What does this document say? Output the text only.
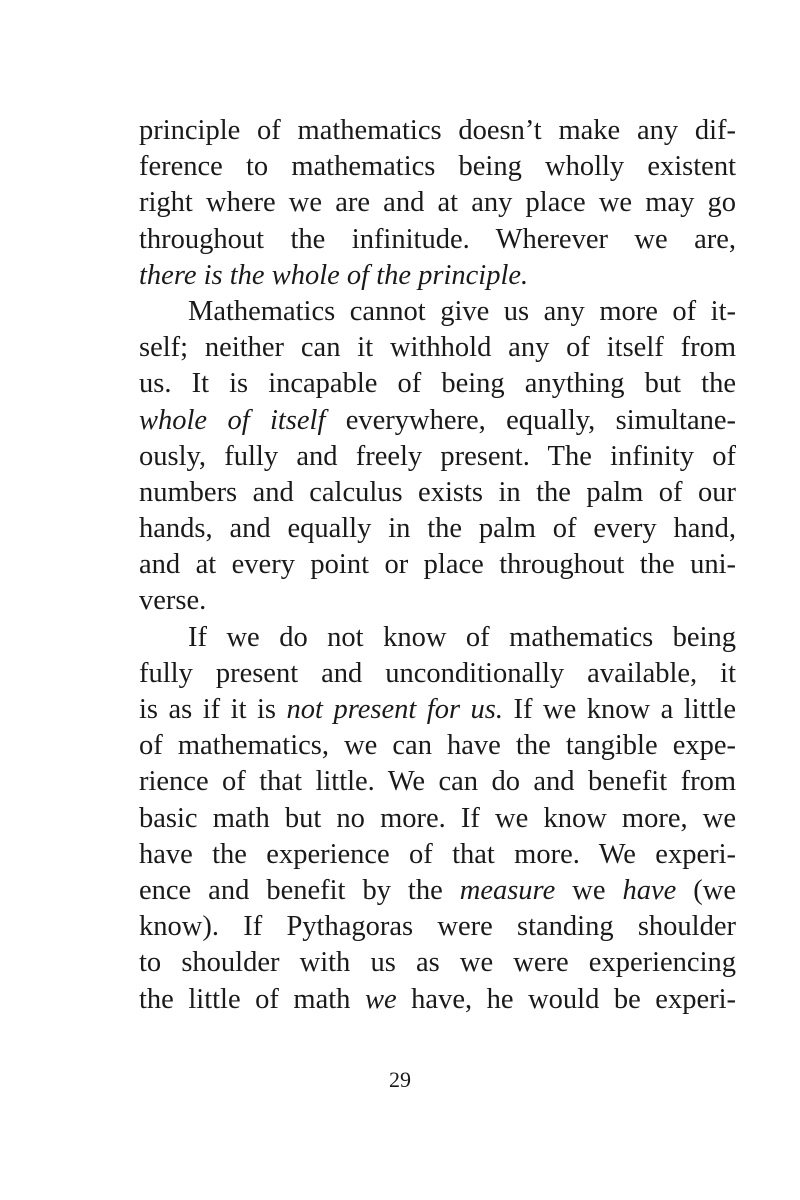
principle of mathematics doesn’t make any dif-
ference to mathematics being wholly existent
right where we are and at any place we may go
throughout the infinitude. Wherever we are,
there is the whole of the principle.
Mathematics cannot give us any more of it-
self; neither can it withhold any of itself from
us. It is incapable of being anything but the
whole of itself everywhere, equally, simultane-
ously, fully and freely present. The infinity of
numbers and calculus exists in the palm of our
hands, and equally in the palm of every hand,
and at every point or place throughout the uni-
verse.
If we do not know of mathematics being
fully present and unconditionally available, it
is as if it is not present for us. If we know a little
of mathematics, we can have the tangible expe-
rience of that little. We can do and benefit from
basic math but no more. If we know more, we
have the experience of that more. We experi-
ence and benefit by the measure we have (we
know). If Pythagoras were standing shoulder
to shoulder with us as we were experiencing
the little of math we have, he would be experi-
29
